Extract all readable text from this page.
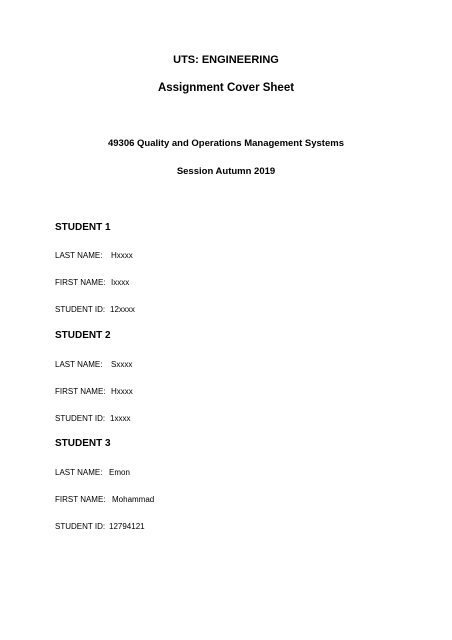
UTS: ENGINEERING
Assignment Cover Sheet
49306 Quality and Operations Management Systems
Session Autumn 2019
STUDENT 1
LAST NAME: Hxxxx
FIRST NAME: Ixxxx
STUDENT ID: 12xxxx
STUDENT 2
LAST NAME: Sxxxx
FIRST NAME: Hxxxx
STUDENT ID: 1xxxx
STUDENT 3
LAST NAME: Emon
FIRST NAME: Mohammad
STUDENT ID: 12794121
